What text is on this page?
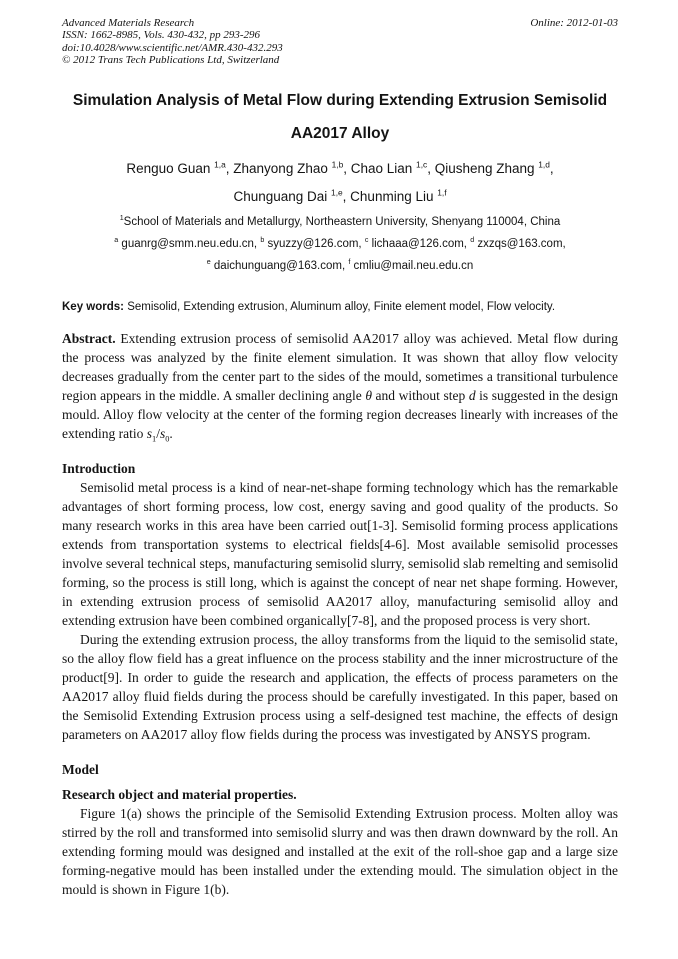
Advanced Materials Research
ISSN: 1662-8985, Vols. 430-432, pp 293-296
doi:10.4028/www.scientific.net/AMR.430-432.293
© 2012 Trans Tech Publications Ltd, Switzerland
Online: 2012-01-03
Simulation Analysis of Metal Flow during Extending Extrusion Semisolid
AA2017 Alloy
Renguo Guan $^{1,a}$, Zhanyong Zhao $^{1,b}$, Chao Lian $^{1,c}$, Qiusheng Zhang $^{1,d}$,
Chunguang Dai $^{1,e}$, Chunming Liu $^{1,f}$
$^1$School of Materials and Metallurgy, Northeastern University, Shenyang 110004, China
$^a$ guanrg@smm.neu.edu.cn, $^b$ syuzzy@126.com, $^c$ lichaaa@126.com, $^d$ zxzqs@163.com,
$^e$ daichunguang@163.com, $^f$ cmliu@mail.neu.edu.cn

Key words: Semisolid, Extending extrusion, Aluminum alloy, Finite element model, Flow velocity.

Abstract. Extending extrusion process of semisolid AA2017 alloy was achieved. Metal flow during the process was analyzed by the finite element simulation. It was shown that alloy flow velocity decreases gradually from the center part to the sides of the mould, sometimes a transitional turbulence region appears in the middle. A smaller declining angle θ and without step d is suggested in the design mould. Alloy flow velocity at the center of the forming region decreases linearly with increases of the extending ratio $s_1/s_0$.

Introduction

Semisolid metal process is a kind of near-net-shape forming technology which has the remarkable advantages of short forming process, low cost, energy saving and good quality of the products. So many research works in this area have been carried out[1-3]. Semisolid forming process applications extends from transportation systems to electrical fields[4-6]. Most available semisolid processes involve several technical steps, manufacturing semisolid slurry, semisolid slab remelting and semisolid forming, so the process is still long, which is against the concept of near net shape forming. However, in extending extrusion process of semisolid AA2017 alloy, manufacturing semisolid alloy and extending extrusion have been combined organically[7-8], and the proposed process is very short.

During the extending extrusion process, the alloy transforms from the liquid to the semisolid state, so the alloy flow field has a great influence on the process stability and the inner microstructure of the product[9]. In order to guide the research and application, the effects of process parameters on the AA2017 alloy fluid fields during the process should be carefully investigated. In this paper, based on the Semisolid Extending Extrusion process using a self-designed test machine, the effects of design parameters on AA2017 alloy flow fields during the process was investigated by ANSYS program.

Model
Research object and material properties.

Figure 1(a) shows the principle of the Semisolid Extending Extrusion process. Molten alloy was stirred by the roll and transformed into semisolid slurry and was then drawn downward by the roll. An extending forming mould was designed and installed at the exit of the roll-shoe gap and a large size forming-negative mould has been installed under the extending mould. The simulation object in the mould is shown in Figure 1(b).
